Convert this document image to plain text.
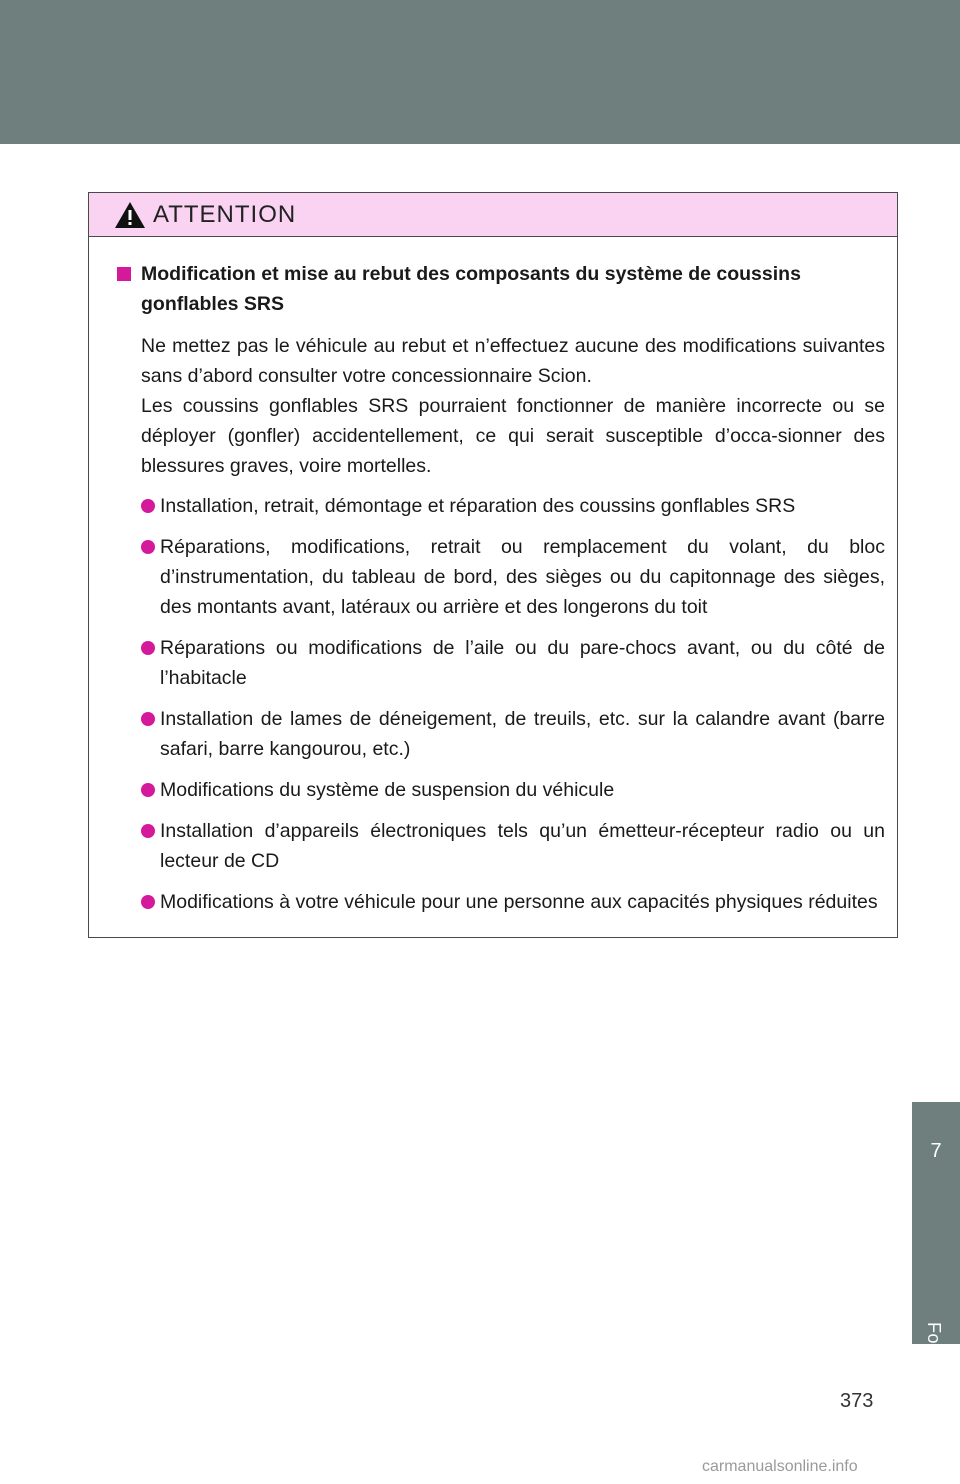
ATTENTION
Modification et mise au rebut des composants du système de coussins gonflables SRS

Ne mettez pas le véhicule au rebut et n’effectuez aucune des modifications suivantes sans d’abord consulter votre concessionnaire Scion.
Les coussins gonflables SRS pourraient fonctionner de manière incorrecte ou se déployer (gonfler) accidentellement, ce qui serait susceptible d’occa-sionner des blessures graves, voire mortelles.

Installation, retrait, démontage et réparation des coussins gonflables SRS
Réparations, modifications, retrait ou remplacement du volant, du bloc d’instrumentation, du tableau de bord, des sièges ou du capitonnage des sièges, des montants avant, latéraux ou arrière et des longerons du toit
Réparations ou modifications de l’aile ou du pare-chocs avant, ou du côté de l’habitacle
Installation de lames de déneigement, de treuils, etc. sur la calandre avant (barre safari, barre kangourou, etc.)
Modifications du système de suspension du véhicule
Installation d’appareils électroniques tels qu’un émetteur-récepteur radio ou un lecteur de CD
Modifications à votre véhicule pour une personne aux capacités physiques réduites
7
For owners
373
carmanualsonline.info
